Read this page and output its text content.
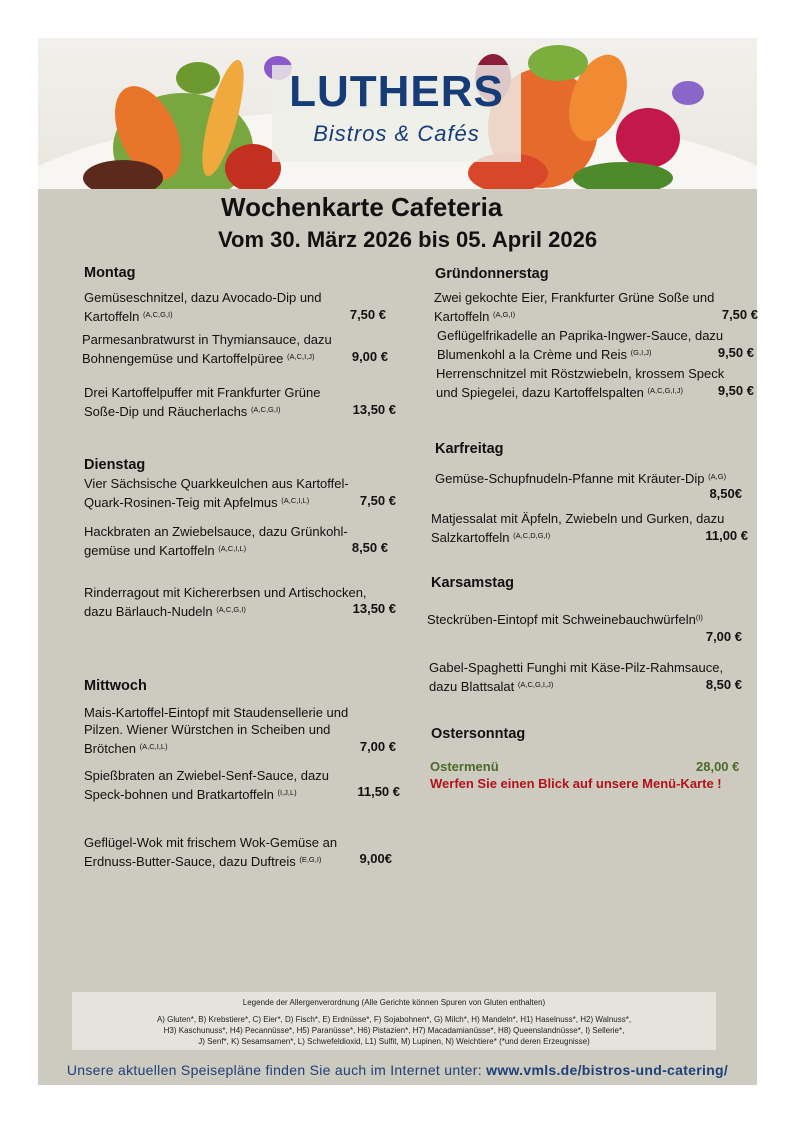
LUTHERS
Bistros & Cafés
Wochenkarte Cafeteria
Vom 30. März 2026 bis 05. April 2026
Montag
Gemüseschnitzel, dazu Avocado-Dip und Kartoffeln $^{(A,C,G,I)}$	7,50 €
Parmesanbratwurst in Thymiansauce, dazu Bohnengemüse und Kartoffelpüree $^{(A,C,I,J)}$	9,00 €
Drei Kartoffelpuffer mit Frankfurter Grüne Soße-Dip und Räucherlachs $^{(A,C,G,I)}$	13,50 €
Dienstag
Vier Sächsische Quarkkeulchen aus Kartoffel-Quark-Rosinen-Teig mit Apfelmus $^{(A,C,I,L)}$	7,50 €
Hackbraten an Zwiebelsauce, dazu Grünkohl-gemüse und Kartoffeln $^{(A,C,I,L)}$	8,50 €
Rinderragout mit Kichererbsen und Artischocken, dazu Bärlauch-Nudeln $^{(A,C,G,I)}$	13,50 €
Mittwoch
Mais-Kartoffel-Eintopf mit Staudensellerie und Pilzen. Wiener Würstchen in Scheiben und Brötchen $^{(A,C,I,L)}$	7,00 €
Spießbraten an Zwiebel-Senf-Sauce, dazu Speck-bohnen und Bratkartoffeln $^{(I,J,L)}$	11,50 €
Geflügel-Wok mit frischem Wok-Gemüse an Erdnuss-Butter-Sauce, dazu Duftreis $^{(E,G,I)}$	9,00€
Gründonnerstag
Zwei gekochte Eier, Frankfurter Grüne Soße und Kartoffeln $^{(A,G,I)}$	7,50 €
Geflügelfrikadelle an Paprika-Ingwer-Sauce, dazu Blumenkohl a la Crème und Reis $^{(G,I,J)}$	9,50 €
Herrenschnitzel mit Röstzwiebeln, krossem Speck und Spiegelei, dazu Kartoffelspalten $^{(A,C,G,I,J)}$	9,50 €
Karfreitag
Gemüse-Schupfnudeln-Pfanne mit Kräuter-Dip $^{(A,G)}$
8,50€
Matjessalat mit Äpfeln, Zwiebeln und Gurken, dazu Salzkartoffeln $^{(A,C,D,G,I)}$	11,00 €
Karsamstag
Steckrüben-Eintopf mit Schweinebauchwürfeln$^{(I)}$
7,00 €
Gabel-Spaghetti Funghi mit Käse-Pilz-Rahmsauce, dazu Blattsalat $^{(A,C,G,I,J)}$	8,50 €
Ostersonntag
Ostermenü	28,00 €
Werfen Sie einen Blick auf unsere Menü-Karte !
Legende der Allergenverordnung (Alle Gerichte können Spuren von Gluten enthalten)
A) Gluten*, B) Krebstiere*, C) Eier*, D) Fisch*, E) Erdnüsse*, F) Sojabohnen*, G) Milch*, H) Mandeln*, H1) Haselnuss*, H2) Walnuss*,
H3) Kaschunuss*, H4) Pecannüsse*, H5) Paranüsse*, H6) Pistazien*, H7) Macadamianüsse*, H8) Queenslandnüsse*, I) Sellerie*,
J) Senf*, K) Sesamsamen*, L) Schwefeldioxid, L1) Sulfit, M) Lupinen, N) Weichtiere* (*und deren Erzeugnisse)
Unsere aktuellen Speisepläne finden Sie auch im Internet unter: www.vmls.de/bistros-und-catering/
